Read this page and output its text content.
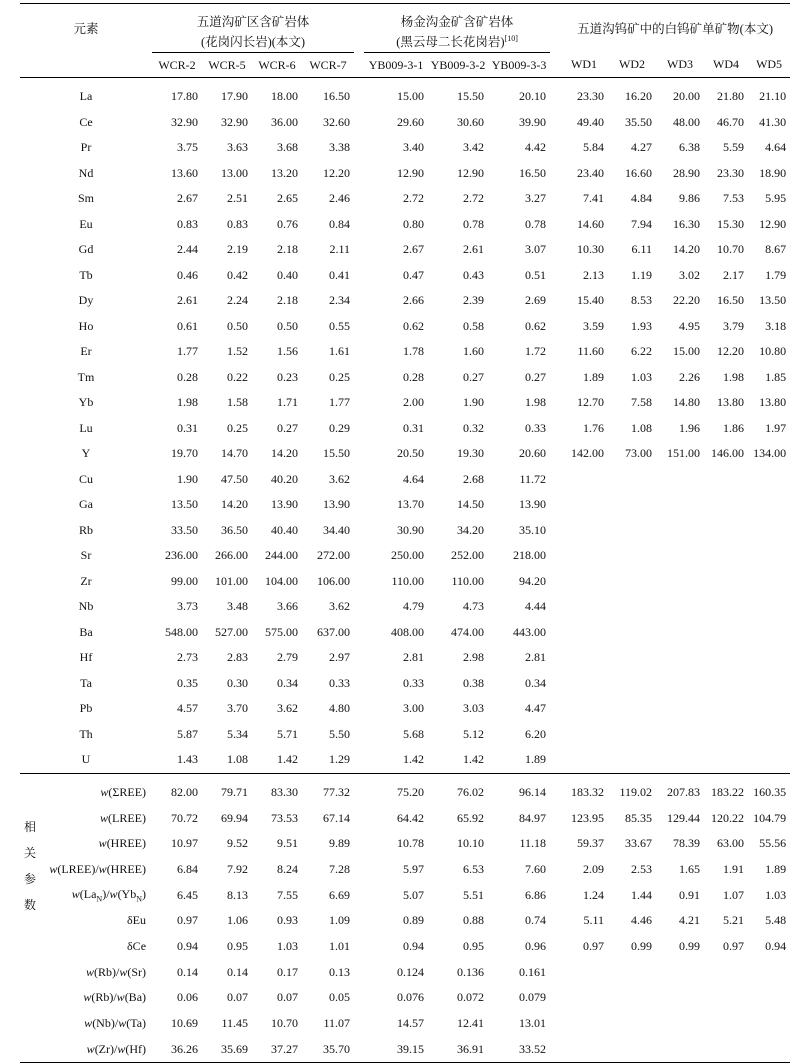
元素		五道沟矿区含矿岩体					杨金沟金矿含矿岩体				五道沟钨矿中的白钨矿单矿物(本文)				
		(花岗闪长岩)(本文)					(黑云母二长花岗岩)[10]	
		WCR-2	WCR-5	WCR-6	WCR-7		YB009-3-1	YB009-3-2	YB009-3-3		WD1	WD2	WD3	WD4	WD5
La		17.80	17.90	18.00	16.50		15.00	15.50	20.10		23.30	16.20	20.00	21.80	21.10
Ce		32.90	32.90	36.00	32.60		29.60	30.60	39.90		49.40	35.50	48.00	46.70	41.30
Pr		3.75	3.63	3.68	3.38		3.40	3.42	4.42		5.84	4.27	6.38	5.59	4.64
Nd		13.60	13.00	13.20	12.20		12.90	12.90	16.50		23.40	16.60	28.90	23.30	18.90
Sm		2.67	2.51	2.65	2.46		2.72	2.72	3.27		7.41	4.84	9.86	7.53	5.95
Eu		0.83	0.83	0.76	0.84		0.80	0.78	0.78		14.60	7.94	16.30	15.30	12.90
Gd		2.44	2.19	2.18	2.11		2.67	2.61	3.07		10.30	6.11	14.20	10.70	8.67
Tb		0.46	0.42	0.40	0.41		0.47	0.43	0.51		2.13	1.19	3.02	2.17	1.79
Dy		2.61	2.24	2.18	2.34		2.66	2.39	2.69		15.40	8.53	22.20	16.50	13.50
Ho		0.61	0.50	0.50	0.55		0.62	0.58	0.62		3.59	1.93	4.95	3.79	3.18
Er		1.77	1.52	1.56	1.61		1.78	1.60	1.72		11.60	6.22	15.00	12.20	10.80
Tm		0.28	0.22	0.23	0.25		0.28	0.27	0.27		1.89	1.03	2.26	1.98	1.85
Yb		1.98	1.58	1.71	1.77		2.00	1.90	1.98		12.70	7.58	14.80	13.80	13.80
Lu		0.31	0.25	0.27	0.29		0.31	0.32	0.33		1.76	1.08	1.96	1.86	1.97
Y		19.70	14.70	14.20	15.50		20.50	19.30	20.60		142.00	73.00	151.00	146.00	134.00
Cu		1.90	47.50	40.20	3.62		4.64	2.68	11.72						
Ga		13.50	14.20	13.90	13.90		13.70	14.50	13.90						
Rb		33.50	36.50	40.40	34.40		30.90	34.20	35.10						
Sr		236.00	266.00	244.00	272.00		250.00	252.00	218.00						
Zr		99.00	101.00	104.00	106.00		110.00	110.00	94.20						
Nb		3.73	3.48	3.66	3.62		4.79	4.73	4.44						
Ba		548.00	527.00	575.00	637.00		408.00	474.00	443.00						
Hf		2.73	2.83	2.79	2.97		2.81	2.98	2.81						
Ta		0.35	0.30	0.34	0.33		0.33	0.38	0.34						
Pb		4.57	3.70	3.62	4.80		3.00	3.03	4.47						
Th		5.87	5.34	5.71	5.50		5.68	5.12	6.20						
U		1.43	1.08	1.42	1.29		1.42	1.42	1.89						

相
关
参
数	w(ΣREE)	82.00	79.71	83.30	77.32		75.20	76.02	96.14		183.32	119.02	207.83	183.22	160.35
	w(LREE)	70.72	69.94	73.53	67.14		64.42	65.92	84.97		123.95	85.35	129.44	120.22	104.79
	w(HREE)	10.97	9.52	9.51	9.89		10.78	10.10	11.18		59.37	33.67	78.39	63.00	55.56
	w(LREE)/w(HREE)	6.84	7.92	8.24	7.28		5.97	6.53	7.60		2.09	2.53	1.65	1.91	1.89
	$w(La_N)/w(Yb_N)$	6.45	8.13	7.55	6.69		5.07	5.51	6.86		1.24	1.44	0.91	1.07	1.03
	δEu	0.97	1.06	0.93	1.09		0.89	0.88	0.74		5.11	4.46	4.21	5.21	5.48
	δCe	0.94	0.95	1.03	1.01		0.94	0.95	0.96		0.97	0.99	0.99	0.97	0.94
	w(Rb)/w(Sr)	0.14	0.14	0.17	0.13		0.124	0.136	0.161						
	w(Rb)/w(Ba)	0.06	0.07	0.07	0.05		0.076	0.072	0.079						
	w(Nb)/w(Ta)	10.69	11.45	10.70	11.07		14.57	12.41	13.01						
	w(Zr)/w(Hf)	36.26	35.69	37.27	35.70		39.15	36.91	33.52						
